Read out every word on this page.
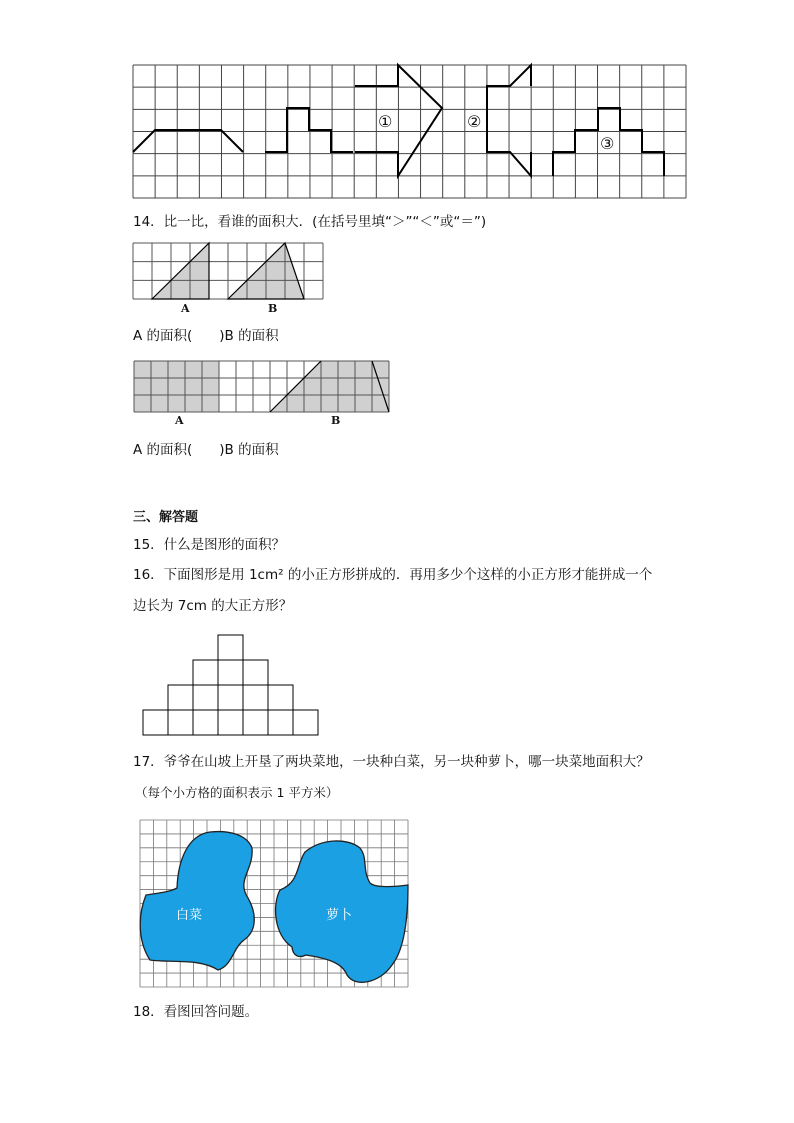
①	②
③
14．比一比，看谁的面积大．(在括号里填“＞”“＜”或“＝”)
A	B
A 的面积(　　)B 的面积
A	B
A 的面积(　　)B 的面积
三、解答题
15．什么是图形的面积？
16．下面图形是用 1cm² 的小正方形拼成的．再用多少个这样的小正方形才能拼成一个
边长为 7cm 的大正方形？
17．爷爷在山坡上开垦了两块菜地，一块种白菜，另一块种萝卜，哪一块菜地面积大？
（每个小方格的面积表示 1 平方米）
白菜	萝卜
18．看图回答问题。
